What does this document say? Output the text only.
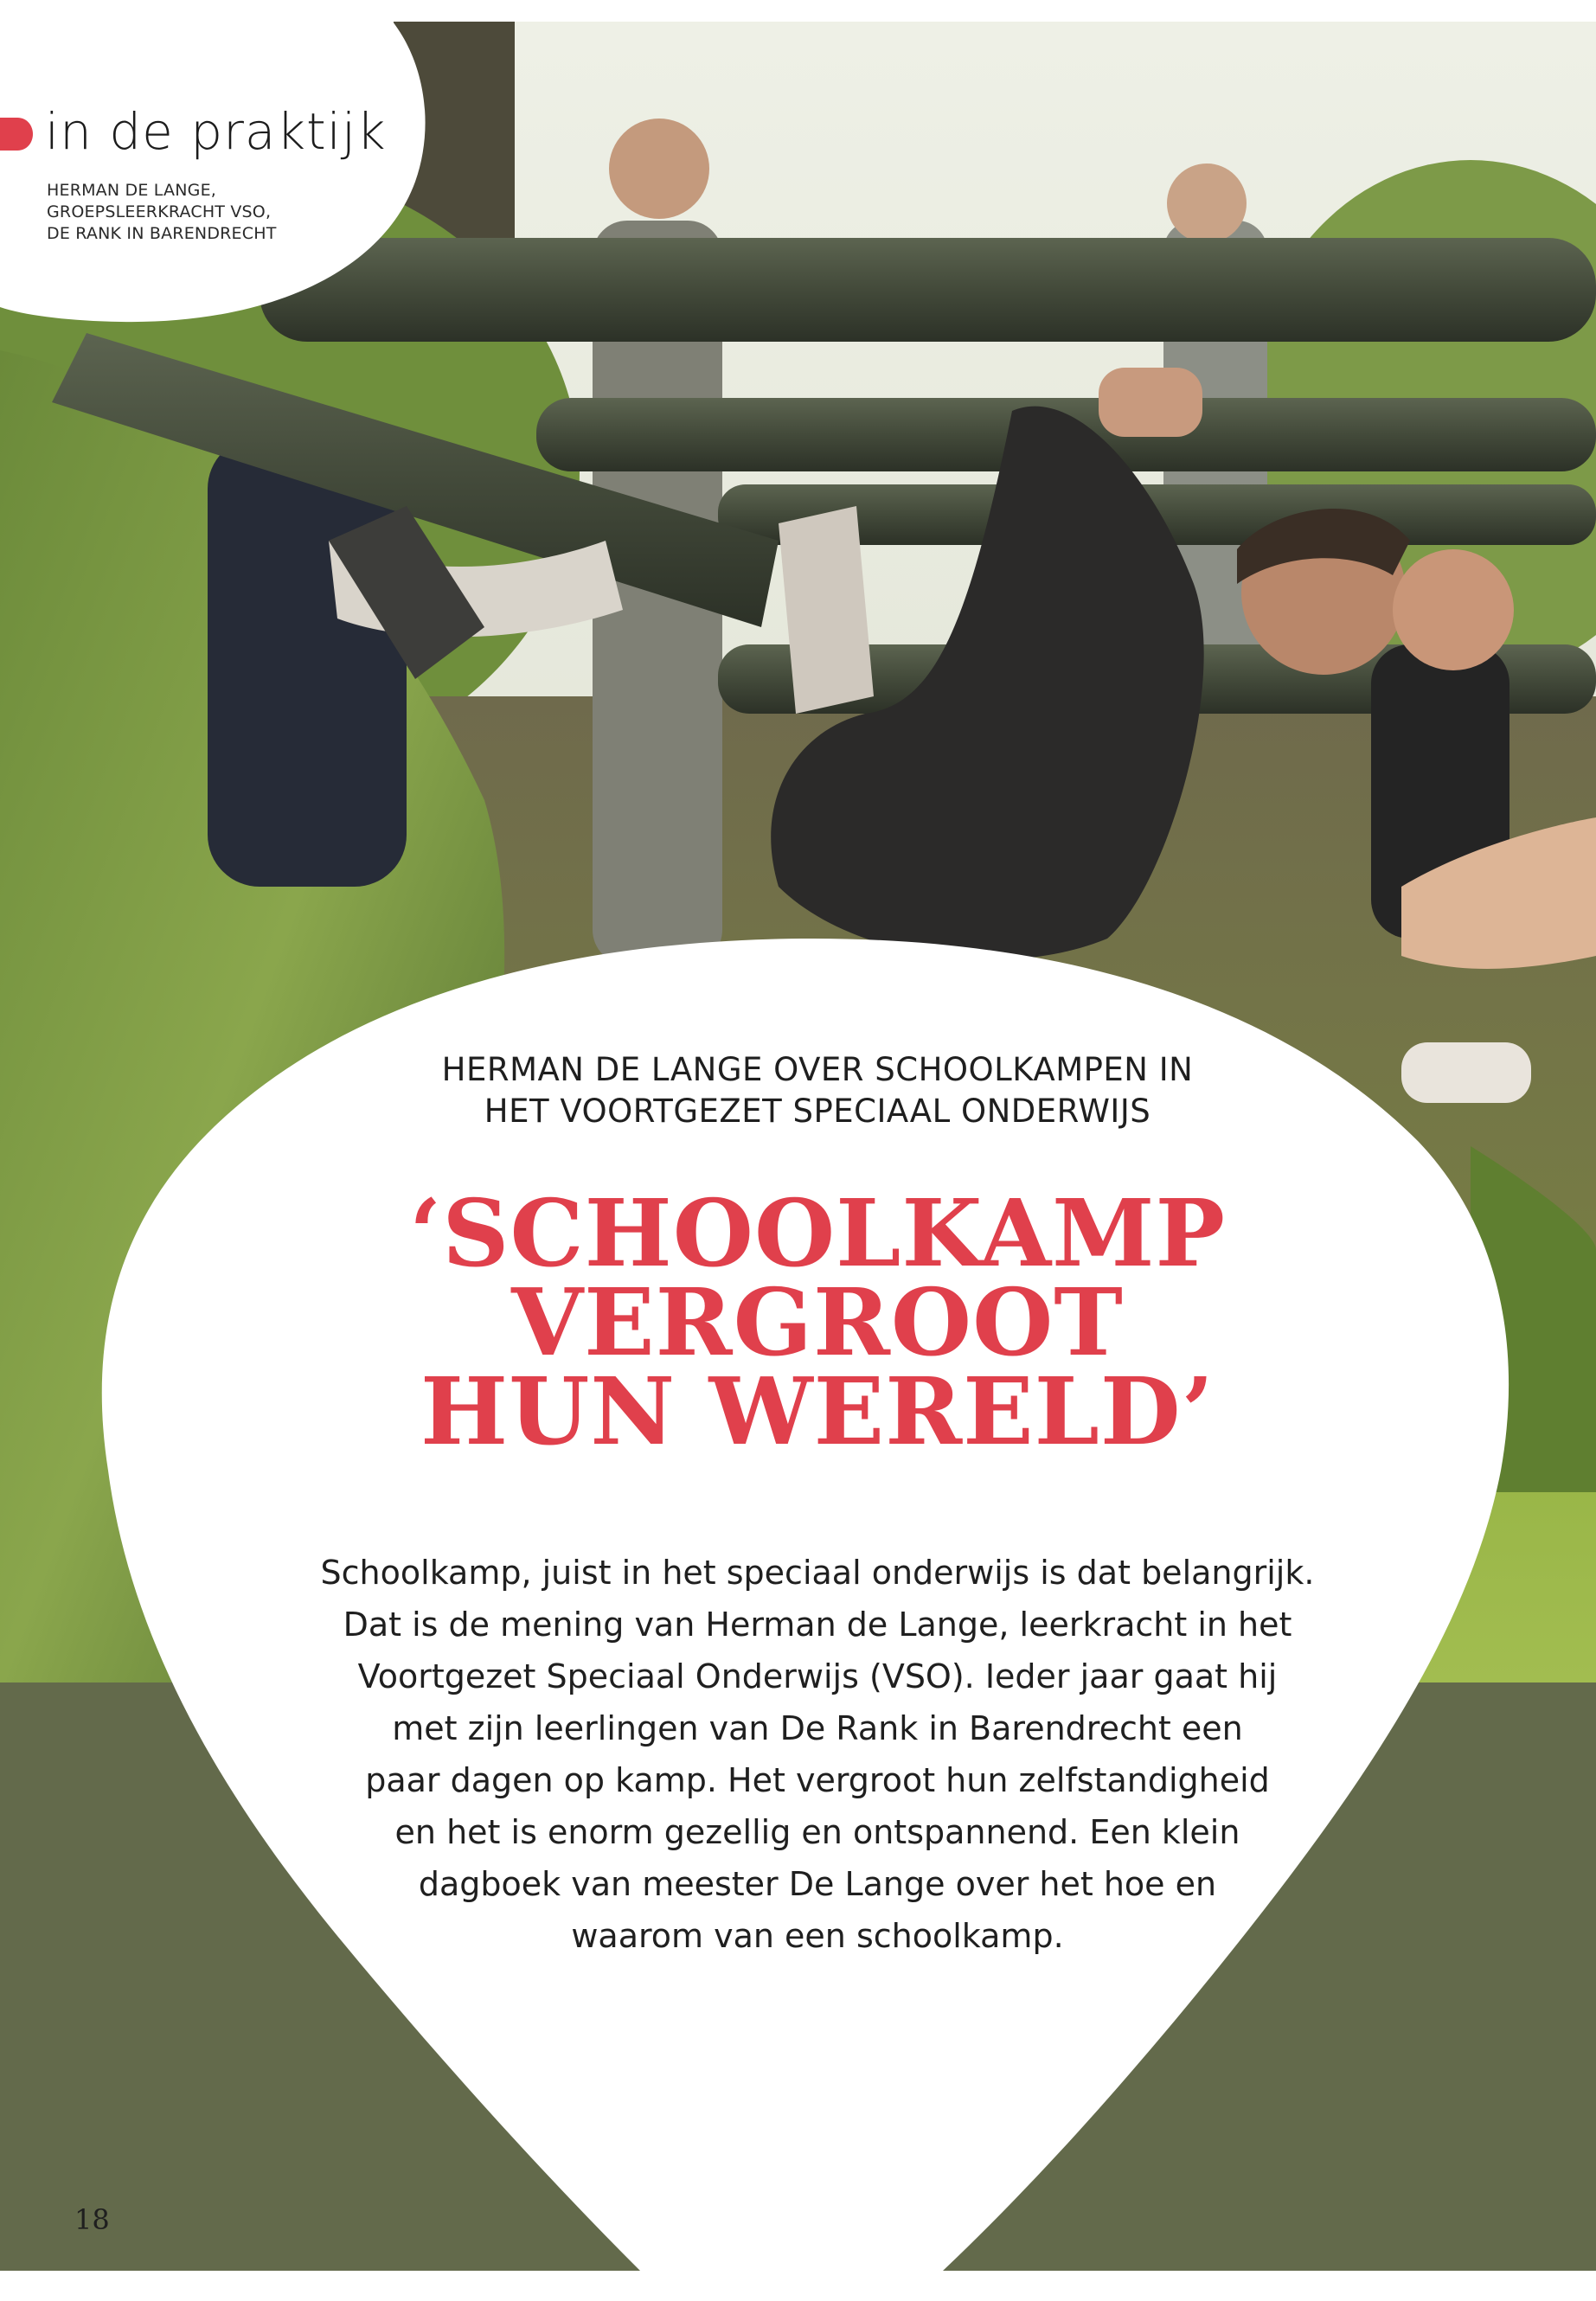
in de praktijk
HERMAN DE LANGE,
GROEPSLEERKRACHT VSO,
DE RANK IN BARENDRECHT
HERMAN DE LANGE OVER SCHOOLKAMPEN IN
HET VOORTGEZET SPECIAAL ONDERWIJS
‘SCHOOLKAMP
VERGROOT
HUN WERELD’
Schoolkamp, juist in het speciaal onderwijs is dat belangrijk.
Dat is de mening van Herman de Lange, leerkracht in het
Voortgezet Speciaal Onderwijs (VSO). Ieder jaar gaat hij
met zijn leerlingen van De Rank in Barendrecht een
paar dagen op kamp. Het vergroot hun zelfstandigheid
en het is enorm gezellig en ontspannend. Een klein
dagboek van meester De Lange over het hoe en
waarom van een schoolkamp.
18
